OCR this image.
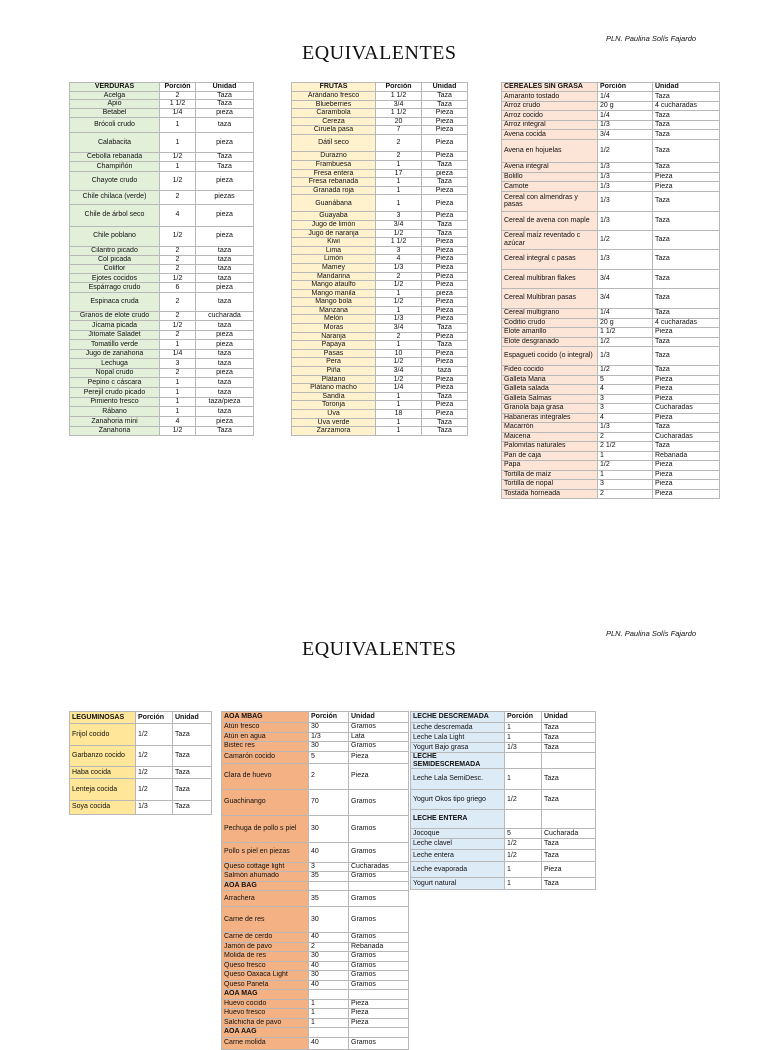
PLN. Paulina Solís Fajardo
EQUIVALENTES
VERDURAS	Porción	Unidad
Acelga	2	Taza
Apio	1 1/2	Taza
Betabel	1/4	pieza
Brócoli crudo	1	taza
Calabacita	1	pieza
Cebolla rebanada	1/2	Taza
Champiñón	1	Taza
Chayote crudo	1/2	pieza
Chile chilaca (verde)	2	piezas
Chile de árbol seco	4	pieza
Chile poblano	1/2	pieza
Cilantro picado	2	taza
Col picada	2	taza
Coliflor	2	taza
Ejotes cocidos	1/2	taza
Espárrago crudo	6	pieza
Espinaca cruda	2	taza
Granos de elote crudo	2	cucharada
Jícama picada	1/2	taza
Jitomate Saladet	2	pieza
Tomatillo verde	1	pieza
Jugo de zanahoria	1/4	taza
Lechuga	3	taza
Nopal crudo	2	pieza
Pepino c cáscara	1	taza
Perejil crudo picado	1	taza
Pimiento fresco	1	taza/pieza
Rábano	1	taza
Zanahoria mini	4	pieza
Zanahoria	1/2	Taza
FRUTAS	Porción	Unidad
Arándano fresco	1 1/2	Taza
Blueberries	3/4	Taza
Carambola	1 1/2	Pieza
Cereza	20	Pieza
Ciruela pasa	7	Pieza
Dátil seco	2	Pieza
Durazno	2	Pieza
Frambuesa	1	Taza
Fresa entera	17	pieza
Fresa rebanada	1	Taza
Granada roja	1	Pieza
Guanábana	1	Pieza
Guayaba	3	Pieza
Jugo de limón	3/4	Taza
Jugo de naranja	1/2	Taza
Kiwi	1 1/2	Pieza
Lima	3	Pieza
Limón	4	Pieza
Mamey	1/3	Pieza
Mandarina	2	Pieza
Mango ataulfo	1/2	Pieza
Mango manila	1	pieza
Mango bola	1/2	Pieza
Manzana	1	Pieza
Melón	1/3	Pieza
Moras	3/4	Taza
Naranja	2	Pieza
Papaya	1	Taza
Pasas	10	Pieza
Pera	1/2	Pieza
Piña	3/4	taza
Plátano	1/2	Pieza
Plátano macho	1/4	Pieza
Sandía	1	Taza
Toronja	1	Pieza
Uva	18	Pieza
Uva verde	1	Taza
Zarzamora	1	Taza
CEREALES SIN GRASA	Porción	Unidad
Amaranto tostado	1/4	Taza
Arroz crudo	20 g	4 cucharadas
Arroz cocido	1/4	Taza
Arroz integral	1/3	Taza
Avena cocida	3/4	Taza
Avena en hojuelas	1/2	Taza
Avena integral	1/3	Taza
Bolillo	1/3	Pieza
Camote	1/3	Pieza
Cereal con almendras y pasas	1/3	Taza
Cereal de avena con maple	1/3	Taza
Cereal maíz reventado c azúcar	1/2	Taza
Cereal integral c pasas	1/3	Taza
Cereal multibran flakes	3/4	Taza
Cereal Multibran pasas	3/4	Taza
Cereal multigrano	1/4	Taza
Coditio crudo	20 g	4 cucharadas
Elote amarillo	1 1/2	Pieza
Elote desgranado	1/2	Taza
Espagueti cocido (o integral)	1/3	Taza
Fideo cocido	1/2	Taza
Galleta Maria	5	Pieza
Galleta salada	4	Pieza
Galleta Salmas	3	Pieza
Granola baja grasa	3	Cucharadas
Habaneras integrales	4	Pieza
Macarrón	1/3	Taza
Maicena	2	Cucharadas
Palomitas naturales	2 1/2	Taza
Pan de caja	1	Rebanada
Papa	1/2	Pieza
Tortilla de maíz	1	Pieza
Tortilla de nopal	3	Pieza
Tostada horneada	2	Pieza
PLN. Paulina Solís Fajardo
EQUIVALENTES
LEGUMINOSAS	Porción	Unidad
Frijol cocido	1/2	Taza
Garbanzo cocido	1/2	Taza
Haba cocida	1/2	Taza
Lenteja cocida	1/2	Taza
Soya cocida	1/3	Taza
AOA MBAG	Porción	Unidad
Atún fresco	30	Gramos
Atún en agua	1/3	Lata
Bistec res	30	Gramos
Camarón cocido	5	Pieza
Clara de huevo	2	Pieza
Guachinango	70	Gramos
Pechuga de pollo s piel	30	Gramos
Pollo s piel en piezas	40	Gramos
Queso cottage light	3	Cucharadas
Salmón ahumado	35	Gramos
AOA BAG		
Arrachera	35	Gramos
Carne de res	30	Gramos
Carne de cerdo	40	Gramos
Jamón de pavo	2	Rebanada
Molida de res	30	Gramos
Queso fresco	40	Gramos
Queso Oaxaca Light	30	Gramos
Queso Panela	40	Gramos
AOA MAG		
Huevo cocido	1	Pieza
Huevo fresco	1	Pieza
Salchicha de pavo	1	Pieza
AOA AAG		
Carne molida	40	Gramos
LECHE DESCREMADA	Porción	Unidad
Leche descremada	1	Taza
Leche Lala Light	1	Taza
Yogurt Bajo grasa	1/3	Taza
LECHE SEMIDESCREMADA		
Leche Lala SemiDesc.	1	Taza
Yogurt Okos tipo griego	1/2	Taza
LECHE ENTERA		
Jocoque	5	Cucharada
Leche clavel	1/2	Taza
Leche entera	1/2	Taza
Leche evaporada	1	Pieza
Yogurt natural	1	Taza
